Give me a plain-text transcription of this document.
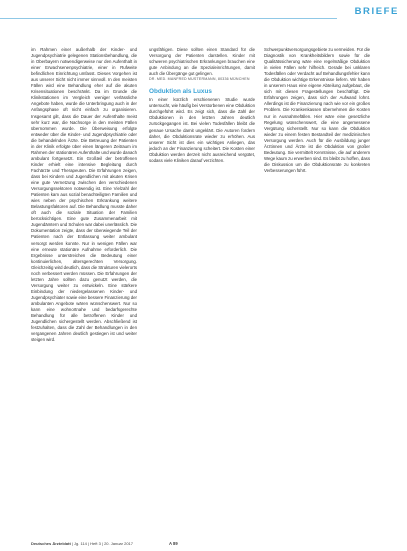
BRIEFE

im Rahmen einer außerhalb der Kinder- und Jugendpsychiatrie gelegenen Stationsbehandlung, die in Oberbayern notwendigerweise nur den Aufenthalt in einer Erwachsenenpsychiatrie, einer in Rufweite befindlichen Einrichtung umfasst. Dieses Vorgehen ist aus unserer Sicht nicht immer sinnvoll. In den meisten Fällen wird eine Behandlung eher auf die akuten Krisensituationen beschränkt. Da im Grunde die Klinikstationen im Vergleich weniger verlässliche Angebote haben, wurde die Unterbringung auch in der Anfangsphase oft nicht einfach zu organisieren. Insgesamt gilt, dass die Dauer der Aufenthalte meist sehr kurz war, die Nachsorge in den meisten Fällen übernommen wurde. Die Überweisung erfolgte entweder über die Kinder- und Jugendpsychiatrie oder die behandelnden Ärzte. Die Betreuung der Patienten in der Klinik erfolgte über einen längeren Zeitraum im Rahmen der stationären Aufenthalte und wurde danach ambulant fortgesetzt. Ein Großteil der betroffenen Kinder erhielt eine intensive Begleitung durch Fachärzte und Therapeuten. Die Erfahrungen zeigen, dass bei Kindern und Jugendlichen mit akuten Krisen eine gute Vernetzung zwischen den verschiedenen Versorgungssektoren notwendig ist. Eine Vielzahl der Patienten kam aus sozial benachteiligten Familien und wies neben der psychischen Erkrankung weitere Belastungsfaktoren auf. Die Behandlung musste daher oft auch die soziale Situation der Familien berücksichtigen. Eine gute Zusammenarbeit mit Jugendämtern und Schulen war dabei unerlässlich. Die Dokumentation zeigte, dass der überwiegende Teil der Patienten nach der Entlassung weiter ambulant versorgt werden konnte. Nur in wenigen Fällen war eine erneute stationäre Aufnahme erforderlich. Die Ergebnisse unterstreichen die Bedeutung einer kontinuierlichen, altersgerechten Versorgung. Gleichzeitig wird deutlich, dass die Strukturen vielerorts noch verbessert werden müssen. Die Erfahrungen der letzten Jahre sollten dazu genutzt werden, die Versorgung weiter zu entwickeln. Eine stärkere Einbindung der niedergelassenen Kinder- und Jugendpsychiater sowie eine bessere Finanzierung der ambulanten Angebote wären wünschenswert. Nur so kann eine wohnortnahe und bedarfsgerechte Behandlung für alle betroffenen Kinder und Jugendlichen sichergestellt werden. Abschließend ist festzuhalten, dass die Zahl der Behandlungen in den vergangenen Jahren deutlich gestiegen ist und weiter steigen wird.

ungsfähigen. Diese sollten einen Standard für die Versorgung der Patienten darstellen. Kinder mit schweren psychiatrischen Erkrankungen brauchen eine gute Anbindung an die Spezialeinrichtungen, damit auch die Übergänge gut gelingen.

DR. MED. MANFRED MUSTERMANN, 80336 MÜNCHEN

Obduktion als Luxus

In einer kürzlich erschienenen Studie wurde untersucht, wie häufig bei Verstorbenen eine Obduktion durchgeführt wird. Es zeigt sich, dass die Zahl der Obduktionen in den letzten Jahren deutlich zurückgegangen ist. Bei vielen Todesfällen bleibt die genaue Ursache damit ungeklärt. Die Autoren fordern daher, die Obduktionsrate wieder zu erhöhen. Aus unserer Sicht ist dies ein wichtiges Anliegen, das jedoch an der Finanzierung scheitert. Die Kosten einer Obduktion werden derzeit nicht ausreichend vergütet, sodass viele Kliniken darauf verzichten.

Schwerpunktversorgungsgebiete zu vermeiden. Für die Diagnostik von Krankheitsbildern sowie für die Qualitätssicherung wäre eine regelmäßige Obduktion in vielen Fällen sehr hilfreich. Gerade bei unklaren Todesfällen oder Verdacht auf Behandlungsfehler kann die Obduktion wichtige Erkenntnisse liefern. Wir haben in unserem Haus eine eigene Abteilung aufgebaut, die sich mit diesen Fragestellungen beschäftigt. Die Erfahrungen zeigen, dass sich der Aufwand lohnt. Allerdings ist die Finanzierung nach wie vor ein großes Problem. Die Krankenkassen übernehmen die Kosten nur in Ausnahmefällen. Hier wäre eine gesetzliche Regelung wünschenswert, die eine angemessene Vergütung sicherstellt. Nur so kann die Obduktion wieder zu einem festen Bestandteil der medizinischen Versorgung werden. Auch für die Ausbildung junger Ärztinnen und Ärzte ist die Obduktion von großer Bedeutung. Sie vermittelt Kenntnisse, die auf anderem Wege kaum zu erwerben sind. Es bleibt zu hoffen, dass die Diskussion um die Obduktionsrate zu konkreten Verbesserungen führt.

Deutsches Ärzteblatt | Jg. 114 | Heft 3 | 20. Januar 2017	A 89
